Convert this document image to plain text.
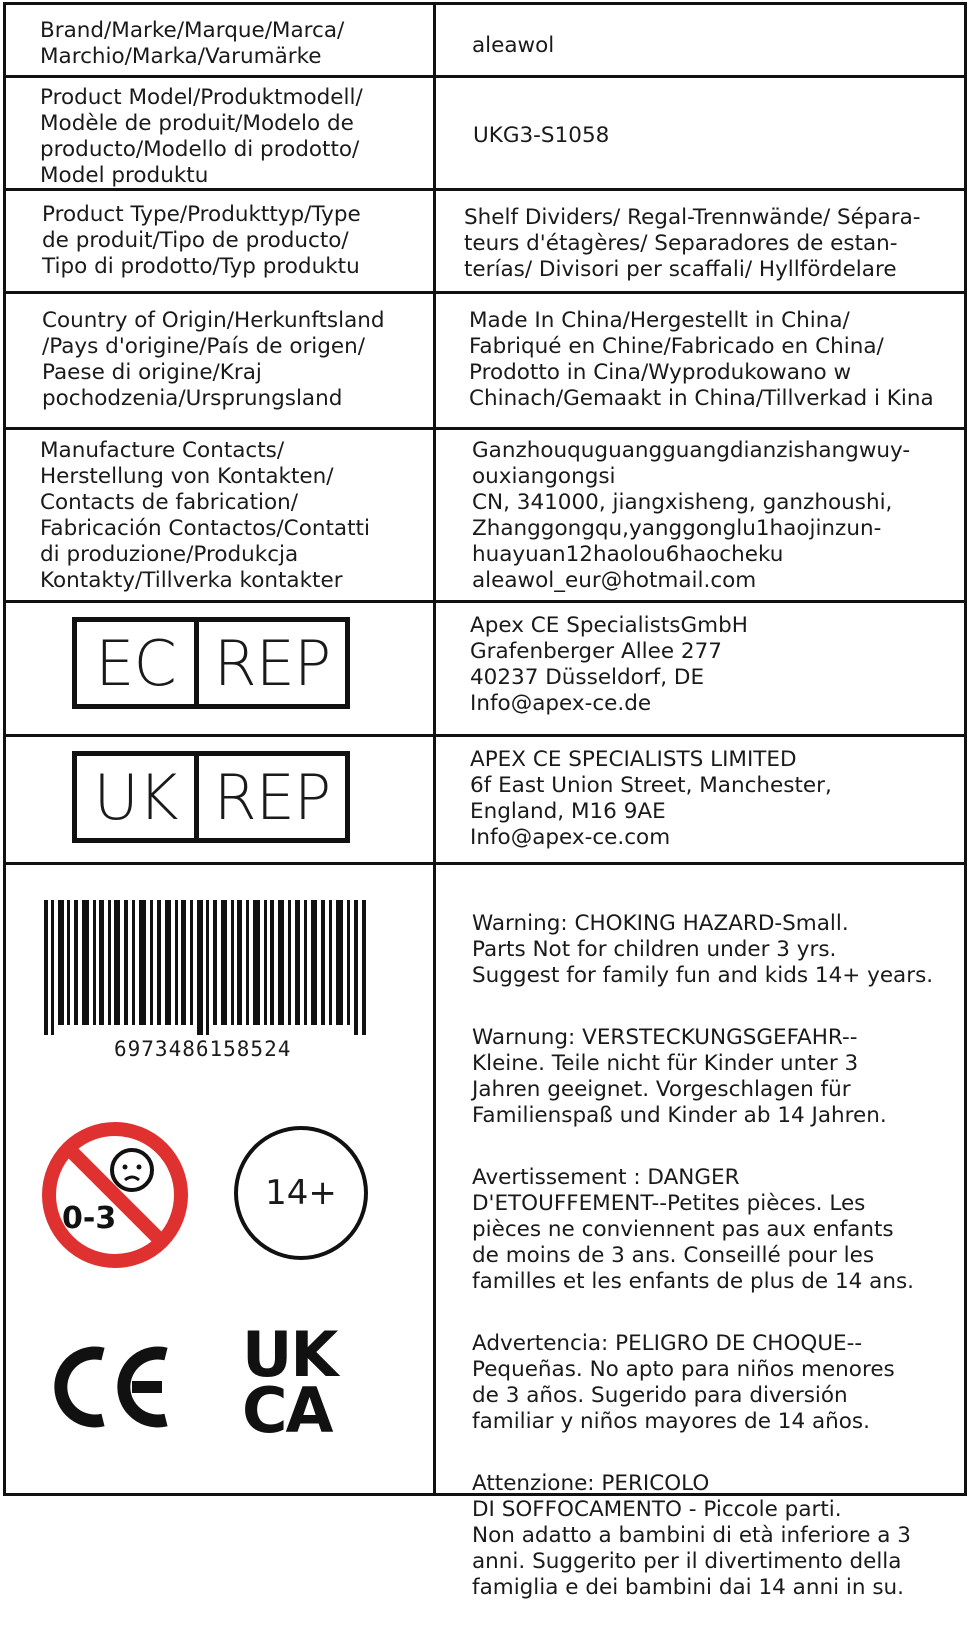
Brand/Marke/Marque/Marca/
Marchio/Marka/Varumärke	aleawol
Product Model/Produktmodell/
Modèle de produit/Modelo de
producto/Modello di prodotto/
Model produktu
UKG3-S1058
Product Type/Produkttyp/Type
de produit/Tipo de producto/
Tipo di prodotto/Typ produktu
Shelf Dividers/ Regal-Trennwände/ Sépara-
teurs d'étagères/ Separadores de estan-
terías/ Divisori per scaffali/ Hyllfördelare
Country of Origin/Herkunftsland
/Pays d'origine/País de origen/
Paese di origine/Kraj
pochodzenia/Ursprungsland
Made In China/Hergestellt in China/
Fabriqué en Chine/Fabricado en China/
Prodotto in Cina/Wyprodukowano w
Chinach/Gemaakt in China/Tillverkad i Kina
Manufacture Contacts/
Herstellung von Kontakten/
Contacts de fabrication/
Fabricación Contactos/Contatti
di produzione/Produkcja
Kontakty/Tillverka kontakter
Ganzhouquguangguangdianzishangwuy-
ouxiangongsi
CN, 341000, jiangxisheng, ganzhoushi,
Zhanggongqu,yanggonglu1haojinzun-
huayuan12haolou6haocheku
aleawol_eur@hotmail.com
EC REP
Apex CE SpecialistsGmbH
Grafenberger Allee 277
40237 Düsseldorf, DE
Info@apex-ce.de
UK REP
APEX CE SPECIALISTS LIMITED
6f East Union Street, Manchester,
England, M16 9AE
Info@apex-ce.com
6973486158524
0-3
14+
UK
CA

Warning: CHOKING HAZARD-Small.
Parts Not for children under 3 yrs.
Suggest for family fun and kids 14+ years.

Warnung: VERSTECKUNGSGEFAHR--
Kleine. Teile nicht für Kinder unter 3
Jahren geeignet. Vorgeschlagen für
Familienspaß und Kinder ab 14 Jahren.

Avertissement : DANGER
D'ETOUFFEMENT--Petites pièces. Les
pièces ne conviennent pas aux enfants
de moins de 3 ans. Conseillé pour les
familles et les enfants de plus de 14 ans.

Advertencia: PELIGRO DE CHOQUE--
Pequeñas. No apto para niños menores
de 3 años. Sugerido para diversión
familiar y niños mayores de 14 años.

Attenzione: PERICOLO
DI SOFFOCAMENTO - Piccole parti.
Non adatto a bambini di età inferiore a 3
anni. Suggerito per il divertimento della
famiglia e dei bambini dai 14 anni in su.
